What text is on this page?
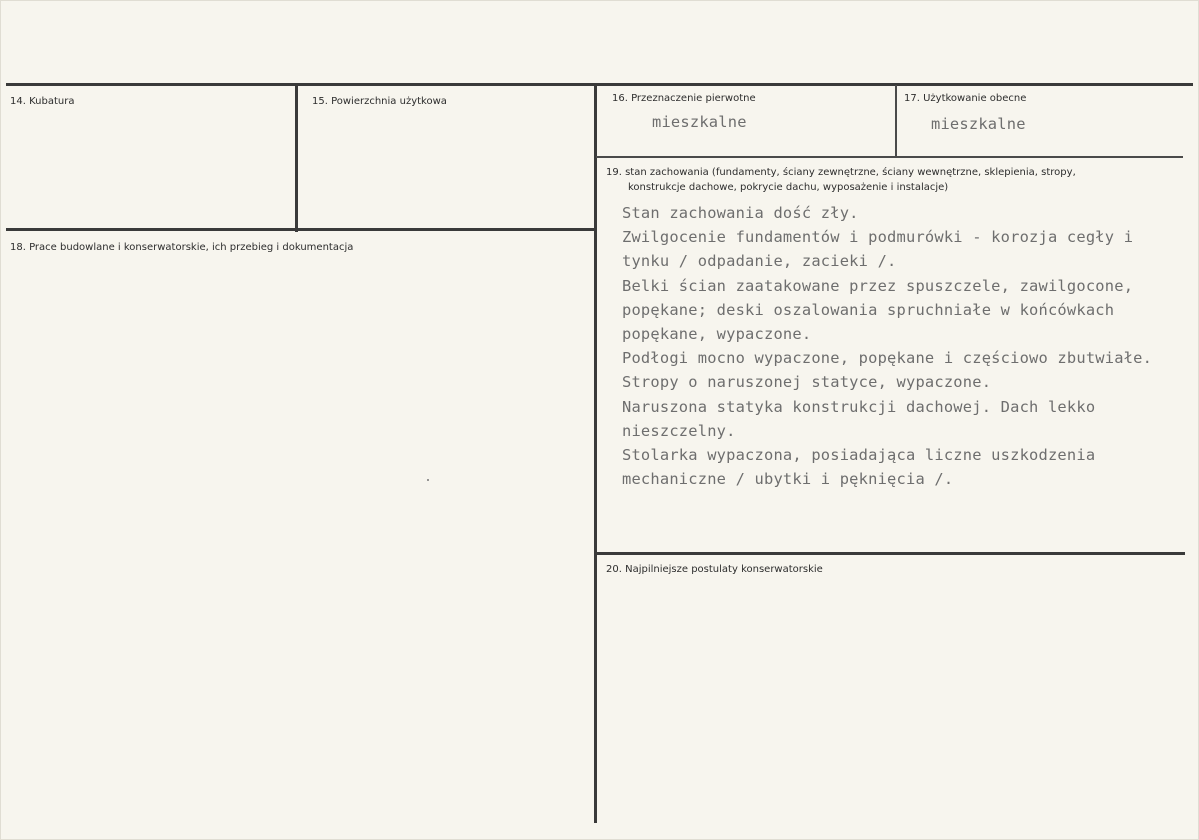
14. Kubatura	15. Powierzchnia użytkowa	16. Przeznaczenie pierwotne
mieszkalne
17. Użytkowanie obecne
mieszkalne
18. Prace budowlane i konserwatorskie, ich przebieg i dokumentacja
19. stan zachowania (fundamenty, ściany zewnętrzne, ściany wewnętrzne, sklepienia, stropy,
konstrukcje dachowe, pokrycie dachu, wyposażenie i instalacje)
Stan zachowania dość zły.
Zwilgocenie fundamentów i podmurówki - korozja cegły i
tynku / odpadanie, zacieki /.
Belki ścian zaatakowane przez spuszczele, zawilgocone,
popękane; deski oszalowania spruchniałe w końcówkach
popękane, wypaczone.
Podłogi mocno wypaczone, popękane i częściowo zbutwiałe.
Stropy o naruszonej statyce, wypaczone.
Naruszona statyka konstrukcji dachowej. Dach lekko
nieszczelny.
Stolarka wypaczona, posiadająca liczne uszkodzenia
mechaniczne / ubytki i pęknięcia /.
20. Najpilniejsze postulaty konserwatorskie
